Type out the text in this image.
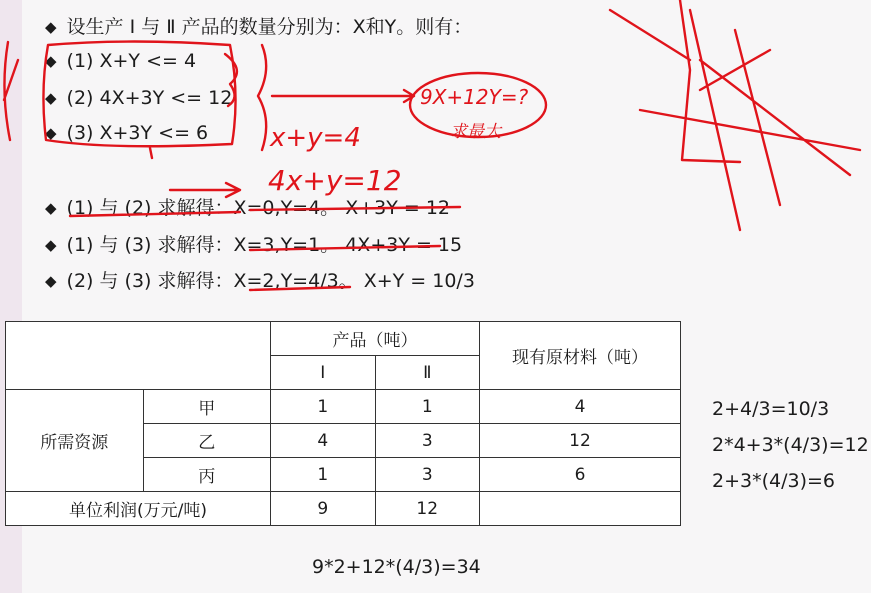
◆ 设生产 Ⅰ 与 Ⅱ 产品的数量分别为：X和Y。则有：
◆ (1) X+Y <= 4
◆ (2) 4X+3Y <= 12
◆ (3) X+3Y <= 6
◆ (1) 与 (2) 求解得：X=0,Y=4。 X+3Y = 12
◆ (1) 与 (3) 求解得：X=3,Y=1。 4X+3Y = 15
◆ (2) 与 (3) 求解得：X=2,Y=4/3。 X+Y = 10/3
		产品（吨）		现有原材料（吨）
		Ⅰ	Ⅱ	
所需资源	甲	1	1	4
	乙	4	3	12
	丙	1	3	6
单位利润(万元/吨)		9	12	
2+4/3=10/3
2*4+3*(4/3)=12
2+3*(4/3)=6
9*2+12*(4/3)=34
9X+12Y=?
求最大
x+y=4
4x+y=12
